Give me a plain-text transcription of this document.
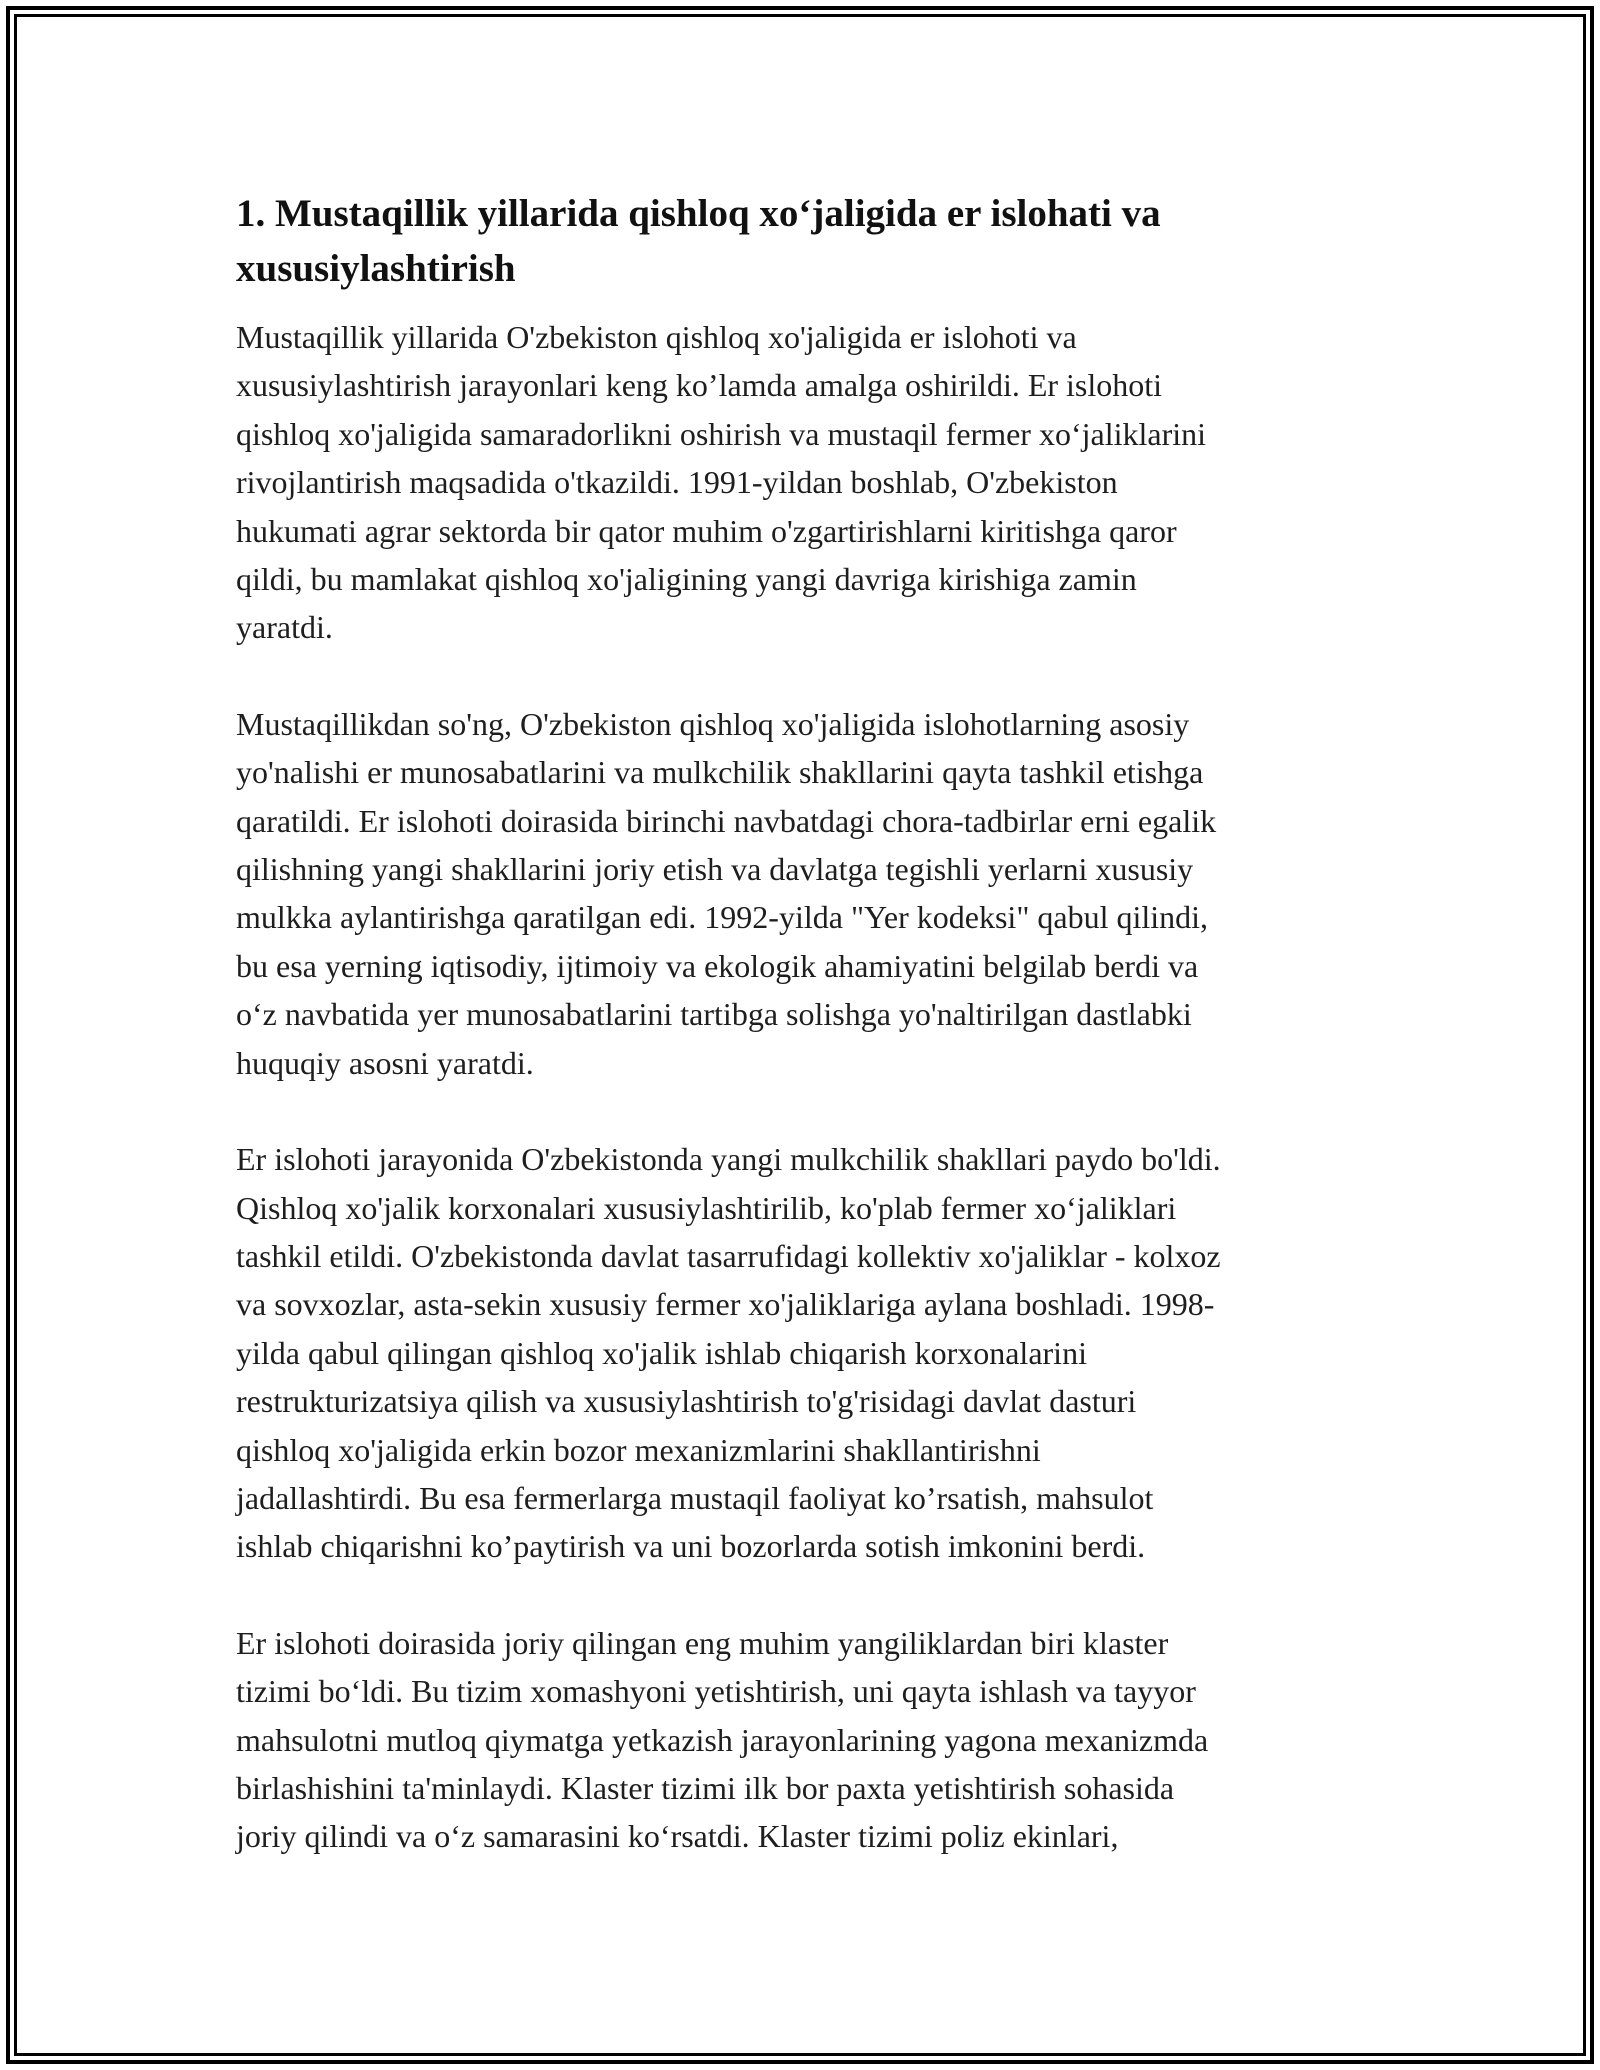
1. Mustaqillik yillarida qishloq xo‘jaligida er islohati va
xususiylashtirish

Mustaqillik yillarida O'zbekiston qishloq xo'jaligida er islohoti va
xususiylashtirish jarayonlari keng ko’lamda amalga oshirildi. Er islohoti
qishloq xo'jaligida samaradorlikni oshirish va mustaqil fermer xo‘jaliklarini
rivojlantirish maqsadida o'tkazildi. 1991-yildan boshlab, O'zbekiston
hukumati agrar sektorda bir qator muhim o'zgartirishlarni kiritishga qaror
qildi, bu mamlakat qishloq xo'jaligining yangi davriga kirishiga zamin
yaratdi.

Mustaqillikdan so'ng, O'zbekiston qishloq xo'jaligida islohotlarning asosiy
yo'nalishi er munosabatlarini va mulkchilik shakllarini qayta tashkil etishga
qaratildi. Er islohoti doirasida birinchi navbatdagi chora-tadbirlar erni egalik
qilishning yangi shakllarini joriy etish va davlatga tegishli yerlarni xususiy
mulkka aylantirishga qaratilgan edi. 1992-yilda "Yer kodeksi" qabul qilindi,
bu esa yerning iqtisodiy, ijtimoiy va ekologik ahamiyatini belgilab berdi va
o‘z navbatida yer munosabatlarini tartibga solishga yo'naltirilgan dastlabki
huquqiy asosni yaratdi.

Er islohoti jarayonida O'zbekistonda yangi mulkchilik shakllari paydo bo'ldi.
Qishloq xo'jalik korxonalari xususiylashtirilib, ko'plab fermer xo‘jaliklari
tashkil etildi. O'zbekistonda davlat tasarrufidagi kollektiv xo'jaliklar - kolxoz
va sovxozlar, asta-sekin xususiy fermer xo'jaliklariga aylana boshladi. 1998-
yilda qabul qilingan qishloq xo'jalik ishlab chiqarish korxonalarini
restrukturizatsiya qilish va xususiylashtirish to'g'risidagi davlat dasturi
qishloq xo'jaligida erkin bozor mexanizmlarini shakllantirishni
jadallashtirdi. Bu esa fermerlarga mustaqil faoliyat ko’rsatish, mahsulot
ishlab chiqarishni ko’paytirish va uni bozorlarda sotish imkonini berdi.

Er islohoti doirasida joriy qilingan eng muhim yangiliklardan biri klaster
tizimi bo‘ldi. Bu tizim xomashyoni yetishtirish, uni qayta ishlash va tayyor
mahsulotni mutloq qiymatga yetkazish jarayonlarining yagona mexanizmda
birlashishini ta'minlaydi. Klaster tizimi ilk bor paxta yetishtirish sohasida
joriy qilindi va o‘z samarasini ko‘rsatdi. Klaster tizimi poliz ekinlari,
